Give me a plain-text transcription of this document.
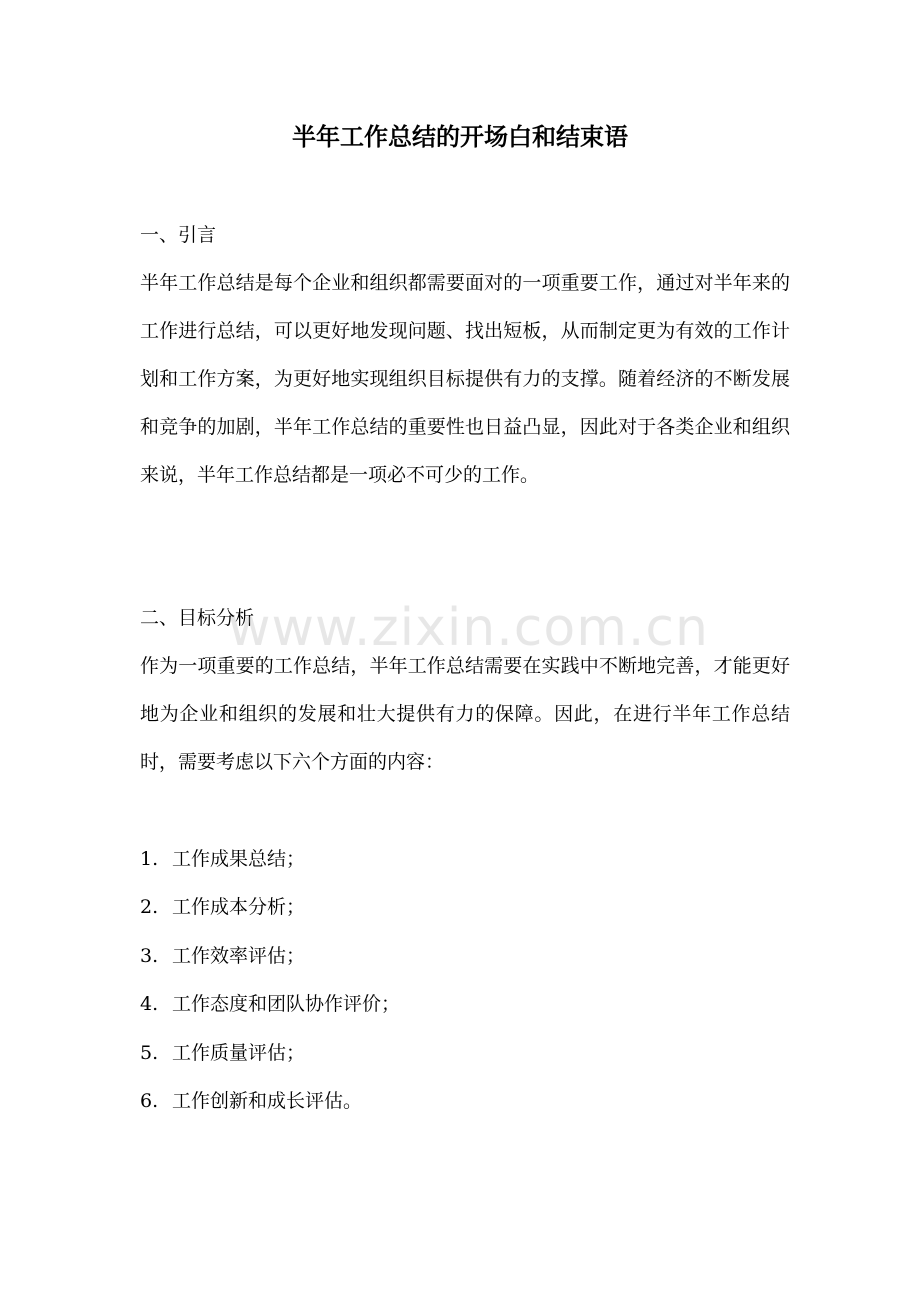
半年工作总结的开场白和结束语
一、引言

半年工作总结是每个企业和组织都需要面对的一项重要工作，通过对半年来的工作进行总结，可以更好地发现问题、找出短板，从而制定更为有效的工作计划和工作方案，为更好地实现组织目标提供有力的支撑。随着经济的不断发展和竞争的加剧，半年工作总结的重要性也日益凸显，因此对于各类企业和组织来说，半年工作总结都是一项必不可少的工作。

二、目标分析

作为一项重要的工作总结，半年工作总结需要在实践中不断地完善，才能更好地为企业和组织的发展和壮大提供有力的保障。因此，在进行半年工作总结时，需要考虑以下六个方面的内容：

1. 工作成果总结；
2. 工作成本分析；
3. 工作效率评估；
4. 工作态度和团队协作评价；
5. 工作质量评估；
6. 工作创新和成长评估。
www.zixin.com.cn
